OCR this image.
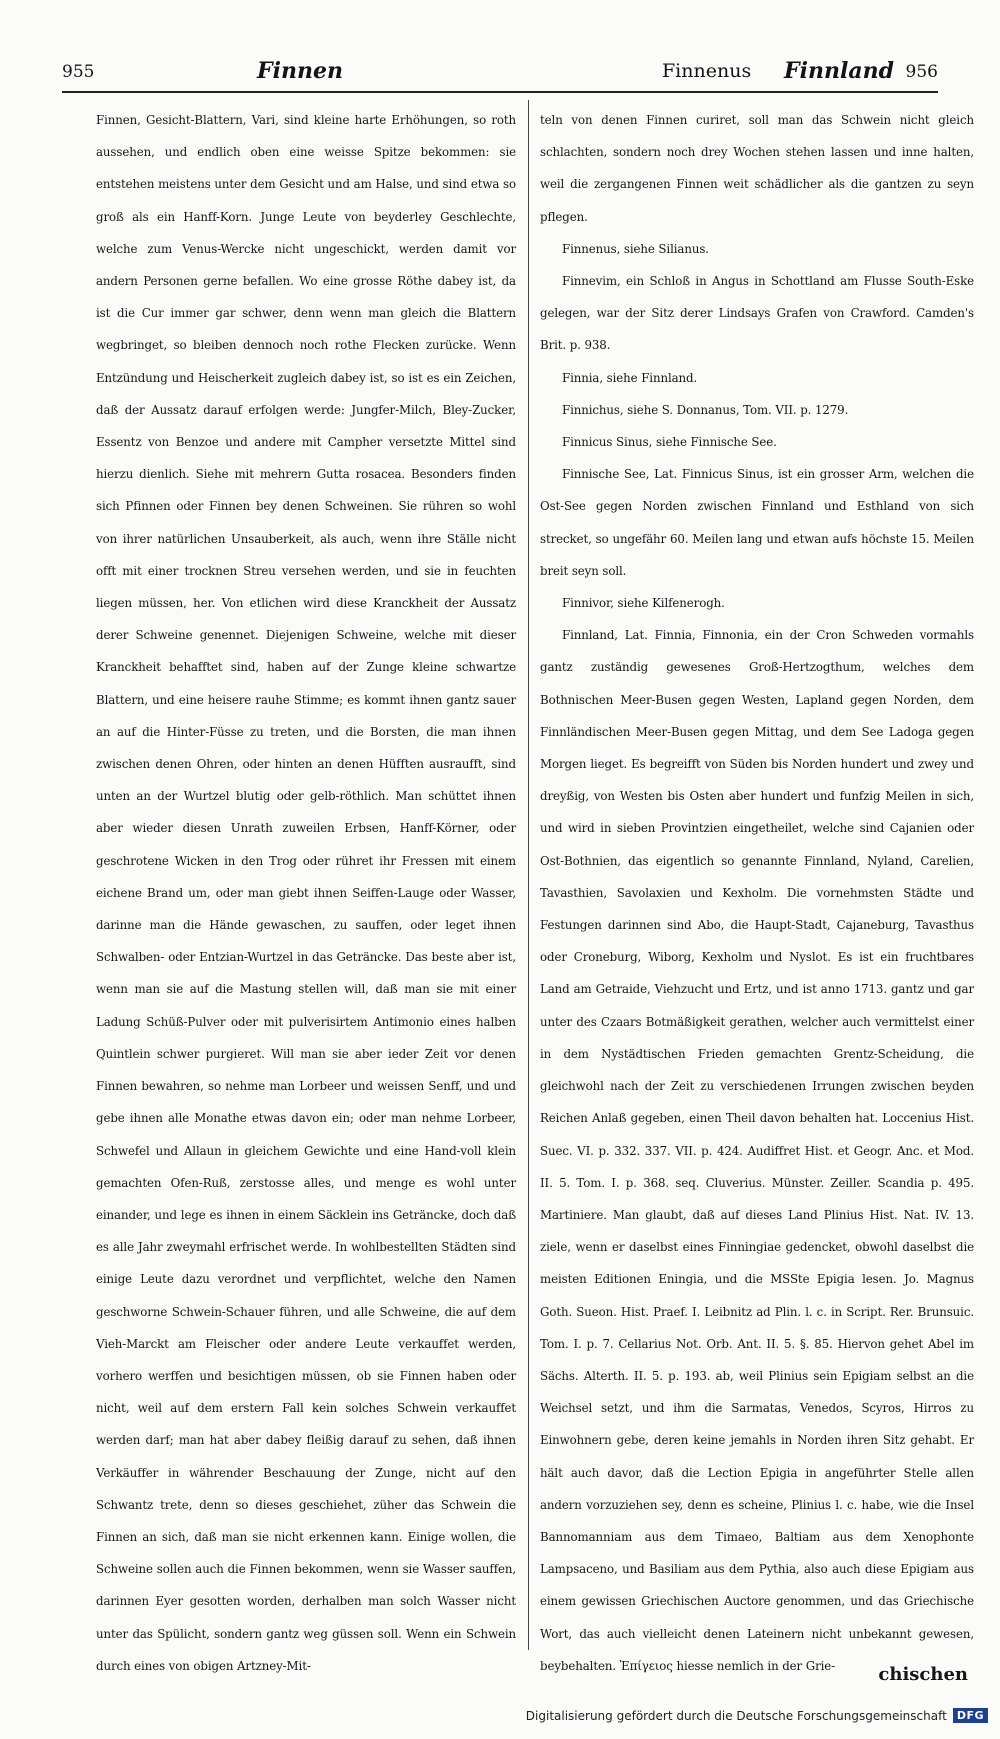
955	Finnen	Finnenus Finnland 956

Finnen, Gesicht-Blattern, Vari, sind kleine harte Erhöhungen, so roth aussehen, und endlich oben eine weisse Spitze bekommen: sie entstehen meistens unter dem Gesicht und am Halse, und sind etwa so groß als ein Hanff-Korn. Junge Leute von beyderley Geschlechte, welche zum Venus-Wercke nicht ungeschickt, werden damit vor andern Personen gerne befallen. Wo eine grosse Röthe dabey ist, da ist die Cur immer gar schwer, denn wenn man gleich die Blattern wegbringet, so bleiben dennoch noch rothe Flecken zurücke. Wenn Entzündung und Heischerkeit zugleich dabey ist, so ist es ein Zeichen, daß der Aussatz darauf erfolgen werde: Jungfer-Milch, Bley-Zucker, Essentz von Benzoe und andere mit Campher versetzte Mittel sind hierzu dienlich. Siehe mit mehrern Gutta rosacea. Besonders finden sich Pfinnen oder Finnen bey denen Schweinen. Sie rühren so wohl von ihrer natürlichen Unsauberkeit, als auch, wenn ihre Ställe nicht offt mit einer trocknen Streu versehen werden, und sie in feuchten liegen müssen, her. Von etlichen wird diese Kranckheit der Aussatz derer Schweine genennet. Diejenigen Schweine, welche mit dieser Kranckheit behafftet sind, haben auf der Zunge kleine schwartze Blattern, und eine heisere rauhe Stimme; es kommt ihnen gantz sauer an auf die Hinter-Füsse zu treten, und die Borsten, die man ihnen zwischen denen Ohren, oder hinten an denen Hüfften ausraufft, sind unten an der Wurtzel blutig oder gelb-röthlich. Man schüttet ihnen aber wieder diesen Unrath zuweilen Erbsen, Hanff-Körner, oder geschrotene Wicken in den Trog oder rühret ihr Fressen mit einem eichene Brand um, oder man giebt ihnen Seiffen-Lauge oder Wasser, darinne man die Hände gewaschen, zu sauffen, oder leget ihnen Schwalben- oder Entzian-Wurtzel in das Geträncke. Das beste aber ist, wenn man sie auf die Mastung stellen will, daß man sie mit einer Ladung Schüß-Pulver oder mit pulverisirtem Antimonio eines halben Quintlein schwer purgieret. Will man sie aber ieder Zeit vor denen Finnen bewahren, so nehme man Lorbeer und weissen Senff, und und gebe ihnen alle Monathe etwas davon ein; oder man nehme Lorbeer, Schwefel und Allaun in gleichem Gewichte und eine Hand-voll klein gemachten Ofen-Ruß, zerstosse alles, und menge es wohl unter einander, und lege es ihnen in einem Säcklein ins Geträncke, doch daß es alle Jahr zweymahl erfrischet werde. In wohlbestellten Städten sind einige Leute dazu verordnet und verpflichtet, welche den Namen geschworne Schwein-Schauer führen, und alle Schweine, die auf dem Vieh-Marckt am Fleischer oder andere Leute verkauffet werden, vorhero werffen und besichtigen müssen, ob sie Finnen haben oder nicht, weil auf dem erstern Fall kein solches Schwein verkauffet werden darf; man hat aber dabey fleißig darauf zu sehen, daß ihnen Verkäuffer in währender Beschauung der Zunge, nicht auf den Schwantz trete, denn so dieses geschiehet, züher das Schwein die Finnen an sich, daß man sie nicht erkennen kann. Einige wollen, die Schweine sollen auch die Finnen bekommen, wenn sie Wasser sauffen, darinnen Eyer gesotten worden, derhalben man solch Wasser nicht unter das Spülicht, sondern gantz weg güssen soll. Wenn ein Schwein durch eines von obigen Artzney-Mit-

teln von denen Finnen curiret, soll man das Schwein nicht gleich schlachten, sondern noch drey Wochen stehen lassen und inne halten, weil die zergangenen Finnen weit schädlicher als die gantzen zu seyn pflegen.

Finnenus, siehe Silianus.

Finnevim, ein Schloß in Angus in Schottland am Flusse South-Eske gelegen, war der Sitz derer Lindsays Grafen von Crawford. Camden's Brit. p. 938.

Finnia, siehe Finnland.

Finnichus, siehe S. Donnanus, Tom. VII. p. 1279.

Finnicus Sinus, siehe Finnische See.

Finnische See, Lat. Finnicus Sinus, ist ein grosser Arm, welchen die Ost-See gegen Norden zwischen Finnland und Esthland von sich strecket, so ungefähr 60. Meilen lang und etwan aufs höchste 15. Meilen breit seyn soll.

Finnivor, siehe Kilfenerogh.

Finnland, Lat. Finnia, Finnonia, ein der Cron Schweden vormahls gantz zuständig gewesenes Groß-Hertzogthum, welches dem Bothnischen Meer-Busen gegen Westen, Lapland gegen Norden, dem Finnländischen Meer-Busen gegen Mittag, und dem See Ladoga gegen Morgen lieget. Es begreifft von Süden bis Norden hundert und zwey und dreyßig, von Westen bis Osten aber hundert und funfzig Meilen in sich, und wird in sieben Provintzien eingetheilet, welche sind Cajanien oder Ost-Bothnien, das eigentlich so genannte Finnland, Nyland, Carelien, Tavasthien, Savolaxien und Kexholm. Die vornehmsten Städte und Festungen darinnen sind Abo, die Haupt-Stadt, Cajaneburg, Tavasthus oder Croneburg, Wiborg, Kexholm und Nyslot. Es ist ein fruchtbares Land am Getraide, Viehzucht und Ertz, und ist anno 1713. gantz und gar unter des Czaars Botmäßigkeit gerathen, welcher auch vermittelst einer in dem Nystädtischen Frieden gemachten Grentz-Scheidung, die gleichwohl nach der Zeit zu verschiedenen Irrungen zwischen beyden Reichen Anlaß gegeben, einen Theil davon behalten hat. Loccenius Hist. Suec. VI. p. 332. 337. VII. p. 424. Audiffret Hist. et Geogr. Anc. et Mod. II. 5. Tom. I. p. 368. seq. Cluverius. Münster. Zeiller. Scandia p. 495. Martiniere. Man glaubt, daß auf dieses Land Plinius Hist. Nat. IV. 13. ziele, wenn er daselbst eines Finningiae gedencket, obwohl daselbst die meisten Editionen Eningia, und die MSSte Epigia lesen. Jo. Magnus Goth. Sueon. Hist. Praef. I. Leibnitz ad Plin. l. c. in Script. Rer. Brunsuic. Tom. I. p. 7. Cellarius Not. Orb. Ant. II. 5. §. 85. Hiervon gehet Abel im Sächs. Alterth. II. 5. p. 193. ab, weil Plinius sein Epigiam selbst an die Weichsel setzt, und ihm die Sarmatas, Venedos, Scyros, Hirros zu Einwohnern gebe, deren keine jemahls in Norden ihren Sitz gehabt. Er hält auch davor, daß die Lection Epigia in angeführter Stelle allen andern vorzuziehen sey, denn es scheine, Plinius l. c. habe, wie die Insel Bannomanniam aus dem Timaeo, Baltiam aus dem Xenophonte Lampsaceno, und Basiliam aus dem Pythia, also auch diese Epigiam aus einem gewissen Griechischen Auctore genommen, und das Griechische Wort, das auch vielleicht denen Lateinern nicht unbekannt gewesen, beybehalten. Ἐπίγειος hiesse nemlich in der Grie-	chischen
Digitalisierung gefördert durch die Deutsche Forschungsgemeinschaft DFG
